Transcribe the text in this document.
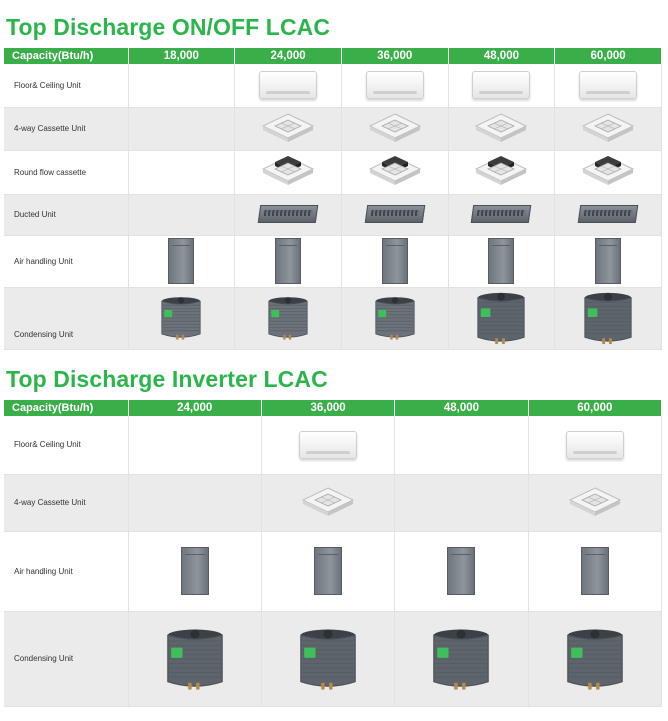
Top Discharge ON/OFF LCAC
Capacity(Btu/h)	18,000	24,000	36,000	48,000	60,000
Floor& Ceiling Unit					
4-way Cassette Unit					
Round flow cassette					
Ducted Unit					
Air handling Unit					
Condensing Unit					
Top Discharge Inverter LCAC
Capacity(Btu/h)	24,000	36,000	48,000	60,000
Floor& Ceiling Unit				
4-way Cassette Unit				
Air handling Unit				
Condensing Unit				
